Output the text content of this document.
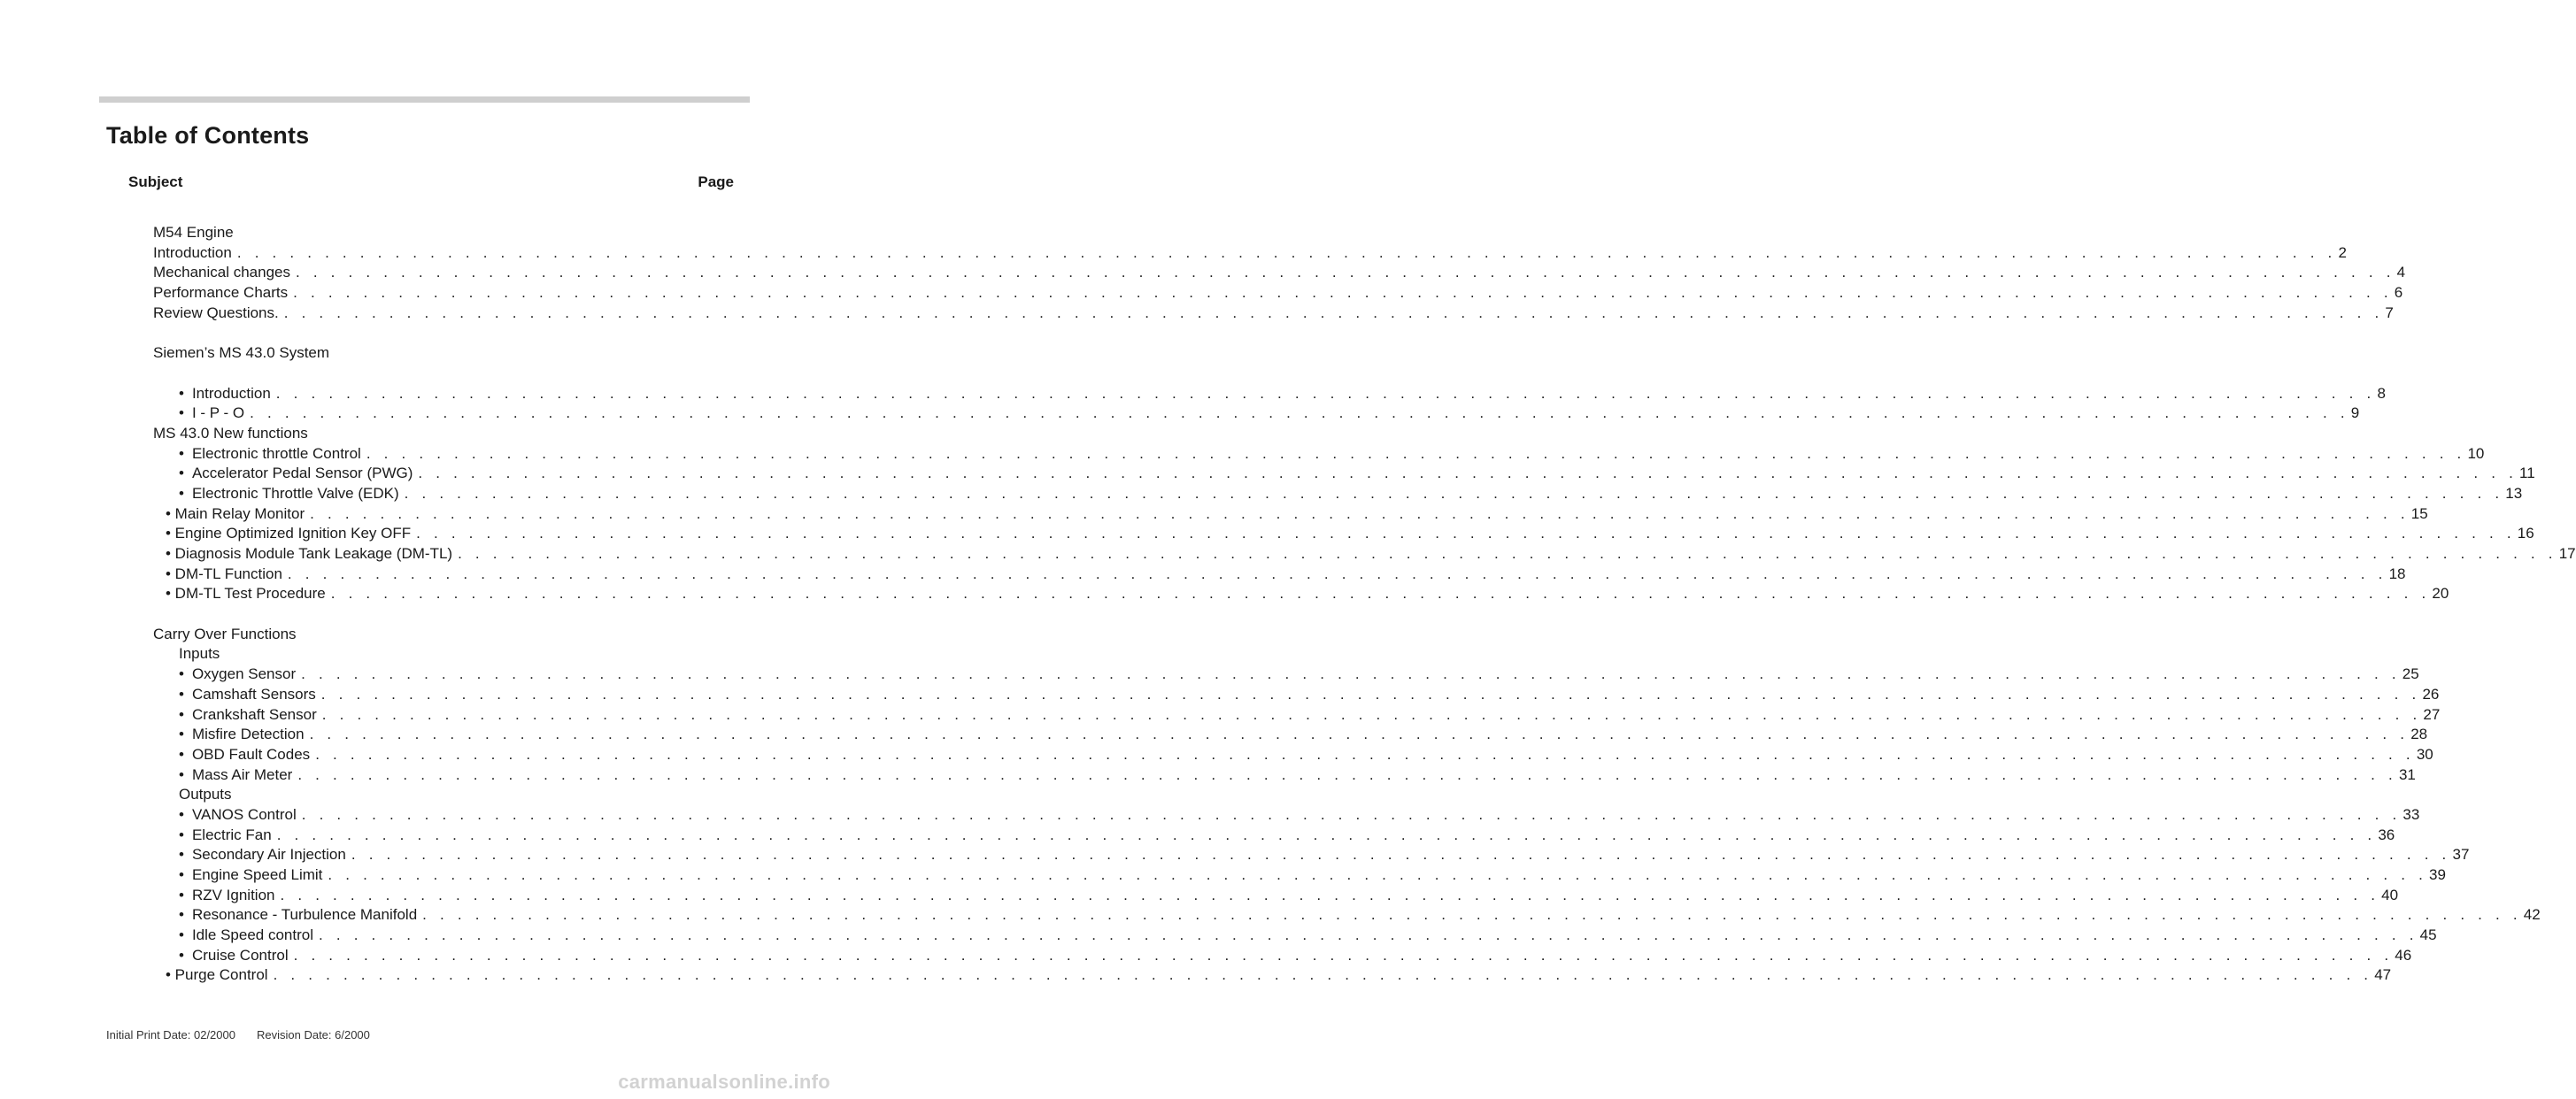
Table of Contents
Subject	Page
M54 Engine
Introduction . . . . . . . . . . . . . . . . . . . . . . . . . . . . . . . . . . . . . . . . . . . . . . . . . . . . . . . . . . . . . . . . . . . . . . . . . . . . . . . . . . . . . . . . . . . . . . . . . . . . . . . . . . . . . . . . . . . . . . . . 2
Mechanical changes . . . . . . . . . . . . . . . . . . . . . . . . . . . . . . . . . . . . . . . . . . . . . . . . . . . . . . . . . . . . . . . . . . . . . . . . . . . . . . . . . . . . . . . . . . . . . . . . . . . . . . . . . . . . . . . . . . . . . . . . 4
Performance Charts . . . . . . . . . . . . . . . . . . . . . . . . . . . . . . . . . . . . . . . . . . . . . . . . . . . . . . . . . . . . . . . . . . . . . . . . . . . . . . . . . . . . . . . . . . . . . . . . . . . . . . . . . . . . . . . . . . . . . . . . 6
Review Questions. . . . . . . . . . . . . . . . . . . . . . . . . . . . . . . . . . . . . . . . . . . . . . . . . . . . . . . . . . . . . . . . . . . . . . . . . . . . . . . . . . . . . . . . . . . . . . . . . . . . . . . . . . . . . . . . . . . . . . . . . 7
Siemen’s MS 43.0 System
• Introduction . . . . . . . . . . . . . . . . . . . . . . . . . . . . . . . . . . . . . . . . . . . . . . . . . . . . . . . . . . . . . . . . . . . . . . . . . . . . . . . . . . . . . . . . . . . . . . . . . . . . . . . . . . . . . . . . . . . . . . . . 8
• I - P - O . . . . . . . . . . . . . . . . . . . . . . . . . . . . . . . . . . . . . . . . . . . . . . . . . . . . . . . . . . . . . . . . . . . . . . . . . . . . . . . . . . . . . . . . . . . . . . . . . . . . . . . . . . . . . . . . . . . . . . . . 9
MS 43.0 New functions
• Electronic throttle Control . . . . . . . . . . . . . . . . . . . . . . . . . . . . . . . . . . . . . . . . . . . . . . . . . . . . . . . . . . . . . . . . . . . . . . . . . . . . . . . . . . . . . . . . . . . . . . . . . . . . . . . . . . . . . . . . . . . . . . . . 10
• Accelerator Pedal Sensor (PWG) . . . . . . . . . . . . . . . . . . . . . . . . . . . . . . . . . . . . . . . . . . . . . . . . . . . . . . . . . . . . . . . . . . . . . . . . . . . . . . . . . . . . . . . . . . . . . . . . . . . . . . . . . . . . . . . . . . . . . . . . 11
• Electronic Throttle Valve (EDK) . . . . . . . . . . . . . . . . . . . . . . . . . . . . . . . . . . . . . . . . . . . . . . . . . . . . . . . . . . . . . . . . . . . . . . . . . . . . . . . . . . . . . . . . . . . . . . . . . . . . . . . . . . . . . . . . . . . . . . . . 13
• Main Relay Monitor . . . . . . . . . . . . . . . . . . . . . . . . . . . . . . . . . . . . . . . . . . . . . . . . . . . . . . . . . . . . . . . . . . . . . . . . . . . . . . . . . . . . . . . . . . . . . . . . . . . . . . . . . . . . . . . . . . . . . . . . 15
• Engine Optimized Ignition Key OFF . . . . . . . . . . . . . . . . . . . . . . . . . . . . . . . . . . . . . . . . . . . . . . . . . . . . . . . . . . . . . . . . . . . . . . . . . . . . . . . . . . . . . . . . . . . . . . . . . . . . . . . . . . . . . . . . . . . . . . . . 16
• Diagnosis Module Tank Leakage (DM-TL) . . . . . . . . . . . . . . . . . . . . . . . . . . . . . . . . . . . . . . . . . . . . . . . . . . . . . . . . . . . . . . . . . . . . . . . . . . . . . . . . . . . . . . . . . . . . . . . . . . . . . . . . . . . . . . . . . . . . . . . . 17
• DM-TL Function . . . . . . . . . . . . . . . . . . . . . . . . . . . . . . . . . . . . . . . . . . . . . . . . . . . . . . . . . . . . . . . . . . . . . . . . . . . . . . . . . . . . . . . . . . . . . . . . . . . . . . . . . . . . . . . . . . . . . . . . 18
• DM-TL Test Procedure . . . . . . . . . . . . . . . . . . . . . . . . . . . . . . . . . . . . . . . . . . . . . . . . . . . . . . . . . . . . . . . . . . . . . . . . . . . . . . . . . . . . . . . . . . . . . . . . . . . . . . . . . . . . . . . . . . . . . . . . 20
Carry Over Functions
Inputs
• Oxygen Sensor . . . . . . . . . . . . . . . . . . . . . . . . . . . . . . . . . . . . . . . . . . . . . . . . . . . . . . . . . . . . . . . . . . . . . . . . . . . . . . . . . . . . . . . . . . . . . . . . . . . . . . . . . . . . . . . . . . . . . . . . 25
• Camshaft Sensors . . . . . . . . . . . . . . . . . . . . . . . . . . . . . . . . . . . . . . . . . . . . . . . . . . . . . . . . . . . . . . . . . . . . . . . . . . . . . . . . . . . . . . . . . . . . . . . . . . . . . . . . . . . . . . . . . . . . . . . . 26
• Crankshaft Sensor . . . . . . . . . . . . . . . . . . . . . . . . . . . . . . . . . . . . . . . . . . . . . . . . . . . . . . . . . . . . . . . . . . . . . . . . . . . . . . . . . . . . . . . . . . . . . . . . . . . . . . . . . . . . . . . . . . . . . . . . 27
• Misfire Detection . . . . . . . . . . . . . . . . . . . . . . . . . . . . . . . . . . . . . . . . . . . . . . . . . . . . . . . . . . . . . . . . . . . . . . . . . . . . . . . . . . . . . . . . . . . . . . . . . . . . . . . . . . . . . . . . . . . . . . . . 28
• OBD Fault Codes . . . . . . . . . . . . . . . . . . . . . . . . . . . . . . . . . . . . . . . . . . . . . . . . . . . . . . . . . . . . . . . . . . . . . . . . . . . . . . . . . . . . . . . . . . . . . . . . . . . . . . . . . . . . . . . . . . . . . . . . 30
• Mass Air Meter . . . . . . . . . . . . . . . . . . . . . . . . . . . . . . . . . . . . . . . . . . . . . . . . . . . . . . . . . . . . . . . . . . . . . . . . . . . . . . . . . . . . . . . . . . . . . . . . . . . . . . . . . . . . . . . . . . . . . . . . 31
Outputs
• VANOS Control . . . . . . . . . . . . . . . . . . . . . . . . . . . . . . . . . . . . . . . . . . . . . . . . . . . . . . . . . . . . . . . . . . . . . . . . . . . . . . . . . . . . . . . . . . . . . . . . . . . . . . . . . . . . . . . . . . . . . . . . 33
• Electric Fan . . . . . . . . . . . . . . . . . . . . . . . . . . . . . . . . . . . . . . . . . . . . . . . . . . . . . . . . . . . . . . . . . . . . . . . . . . . . . . . . . . . . . . . . . . . . . . . . . . . . . . . . . . . . . . . . . . . . . . . . 36
• Secondary Air Injection . . . . . . . . . . . . . . . . . . . . . . . . . . . . . . . . . . . . . . . . . . . . . . . . . . . . . . . . . . . . . . . . . . . . . . . . . . . . . . . . . . . . . . . . . . . . . . . . . . . . . . . . . . . . . . . . . . . . . . . . 37
• Engine Speed Limit . . . . . . . . . . . . . . . . . . . . . . . . . . . . . . . . . . . . . . . . . . . . . . . . . . . . . . . . . . . . . . . . . . . . . . . . . . . . . . . . . . . . . . . . . . . . . . . . . . . . . . . . . . . . . . . . . . . . . . . . 39
• RZV Ignition . . . . . . . . . . . . . . . . . . . . . . . . . . . . . . . . . . . . . . . . . . . . . . . . . . . . . . . . . . . . . . . . . . . . . . . . . . . . . . . . . . . . . . . . . . . . . . . . . . . . . . . . . . . . . . . . . . . . . . . . 40
• Resonance - Turbulence Manifold . . . . . . . . . . . . . . . . . . . . . . . . . . . . . . . . . . . . . . . . . . . . . . . . . . . . . . . . . . . . . . . . . . . . . . . . . . . . . . . . . . . . . . . . . . . . . . . . . . . . . . . . . . . . . . . . . . . . . . . . 42
• Idle Speed control . . . . . . . . . . . . . . . . . . . . . . . . . . . . . . . . . . . . . . . . . . . . . . . . . . . . . . . . . . . . . . . . . . . . . . . . . . . . . . . . . . . . . . . . . . . . . . . . . . . . . . . . . . . . . . . . . . . . . . . . 45
• Cruise Control . . . . . . . . . . . . . . . . . . . . . . . . . . . . . . . . . . . . . . . . . . . . . . . . . . . . . . . . . . . . . . . . . . . . . . . . . . . . . . . . . . . . . . . . . . . . . . . . . . . . . . . . . . . . . . . . . . . . . . . . 46
• Purge Control . . . . . . . . . . . . . . . . . . . . . . . . . . . . . . . . . . . . . . . . . . . . . . . . . . . . . . . . . . . . . . . . . . . . . . . . . . . . . . . . . . . . . . . . . . . . . . . . . . . . . . . . . . . . . . . . . . . . . . . . 47
Initial Print Date: 02/2000 Revision Date: 6/2000
carmanualsonline.info
